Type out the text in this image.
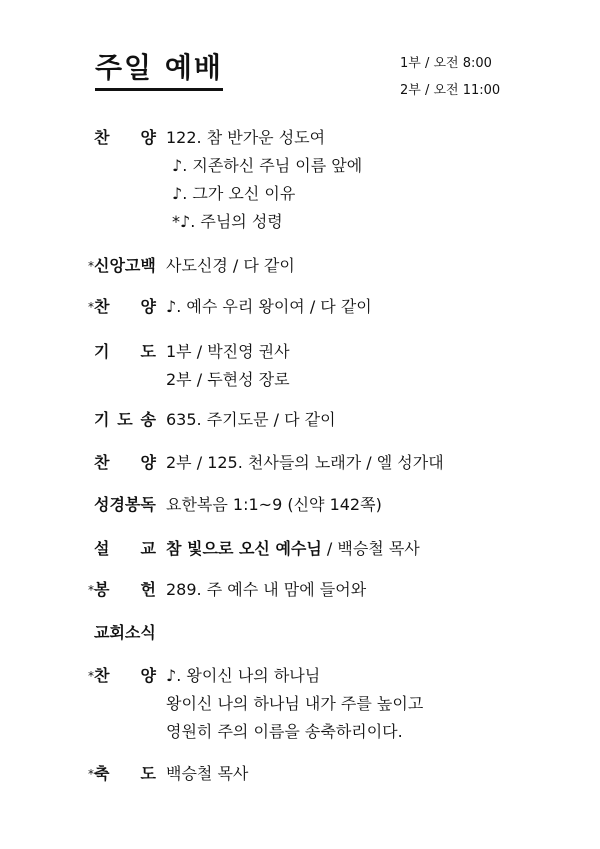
주일 예배	1부 / 오전 8:00
2부 / 오전 11:00
찬 양 122. 참 반가운 성도여
♪. 지존하신 주님 이름 앞에
♪. 그가 오신 이유
*♪. 주님의 성령
* 신앙고백 사도신경 / 다 같이
* 찬 양 ♪. 예수 우리 왕이여 / 다 같이
기 도 1부 / 박진영 권사
2부 / 두현성 장로
기 도 송 635. 주기도문 / 다 같이
찬 양 2부 / 125. 천사들의 노래가 / 엘 성가대
성경봉독 요한복음 1:1~9 (신약 142쪽)
설 교 참 빛으로 오신 예수님 / 백승철 목사
* 봉 헌 289. 주 예수 내 맘에 들어와
교회소식
* 찬 양 ♪. 왕이신 나의 하나님
왕이신 나의 하나님 내가 주를 높이고
영원히 주의 이름을 송축하리이다.
* 축 도 백승철 목사
